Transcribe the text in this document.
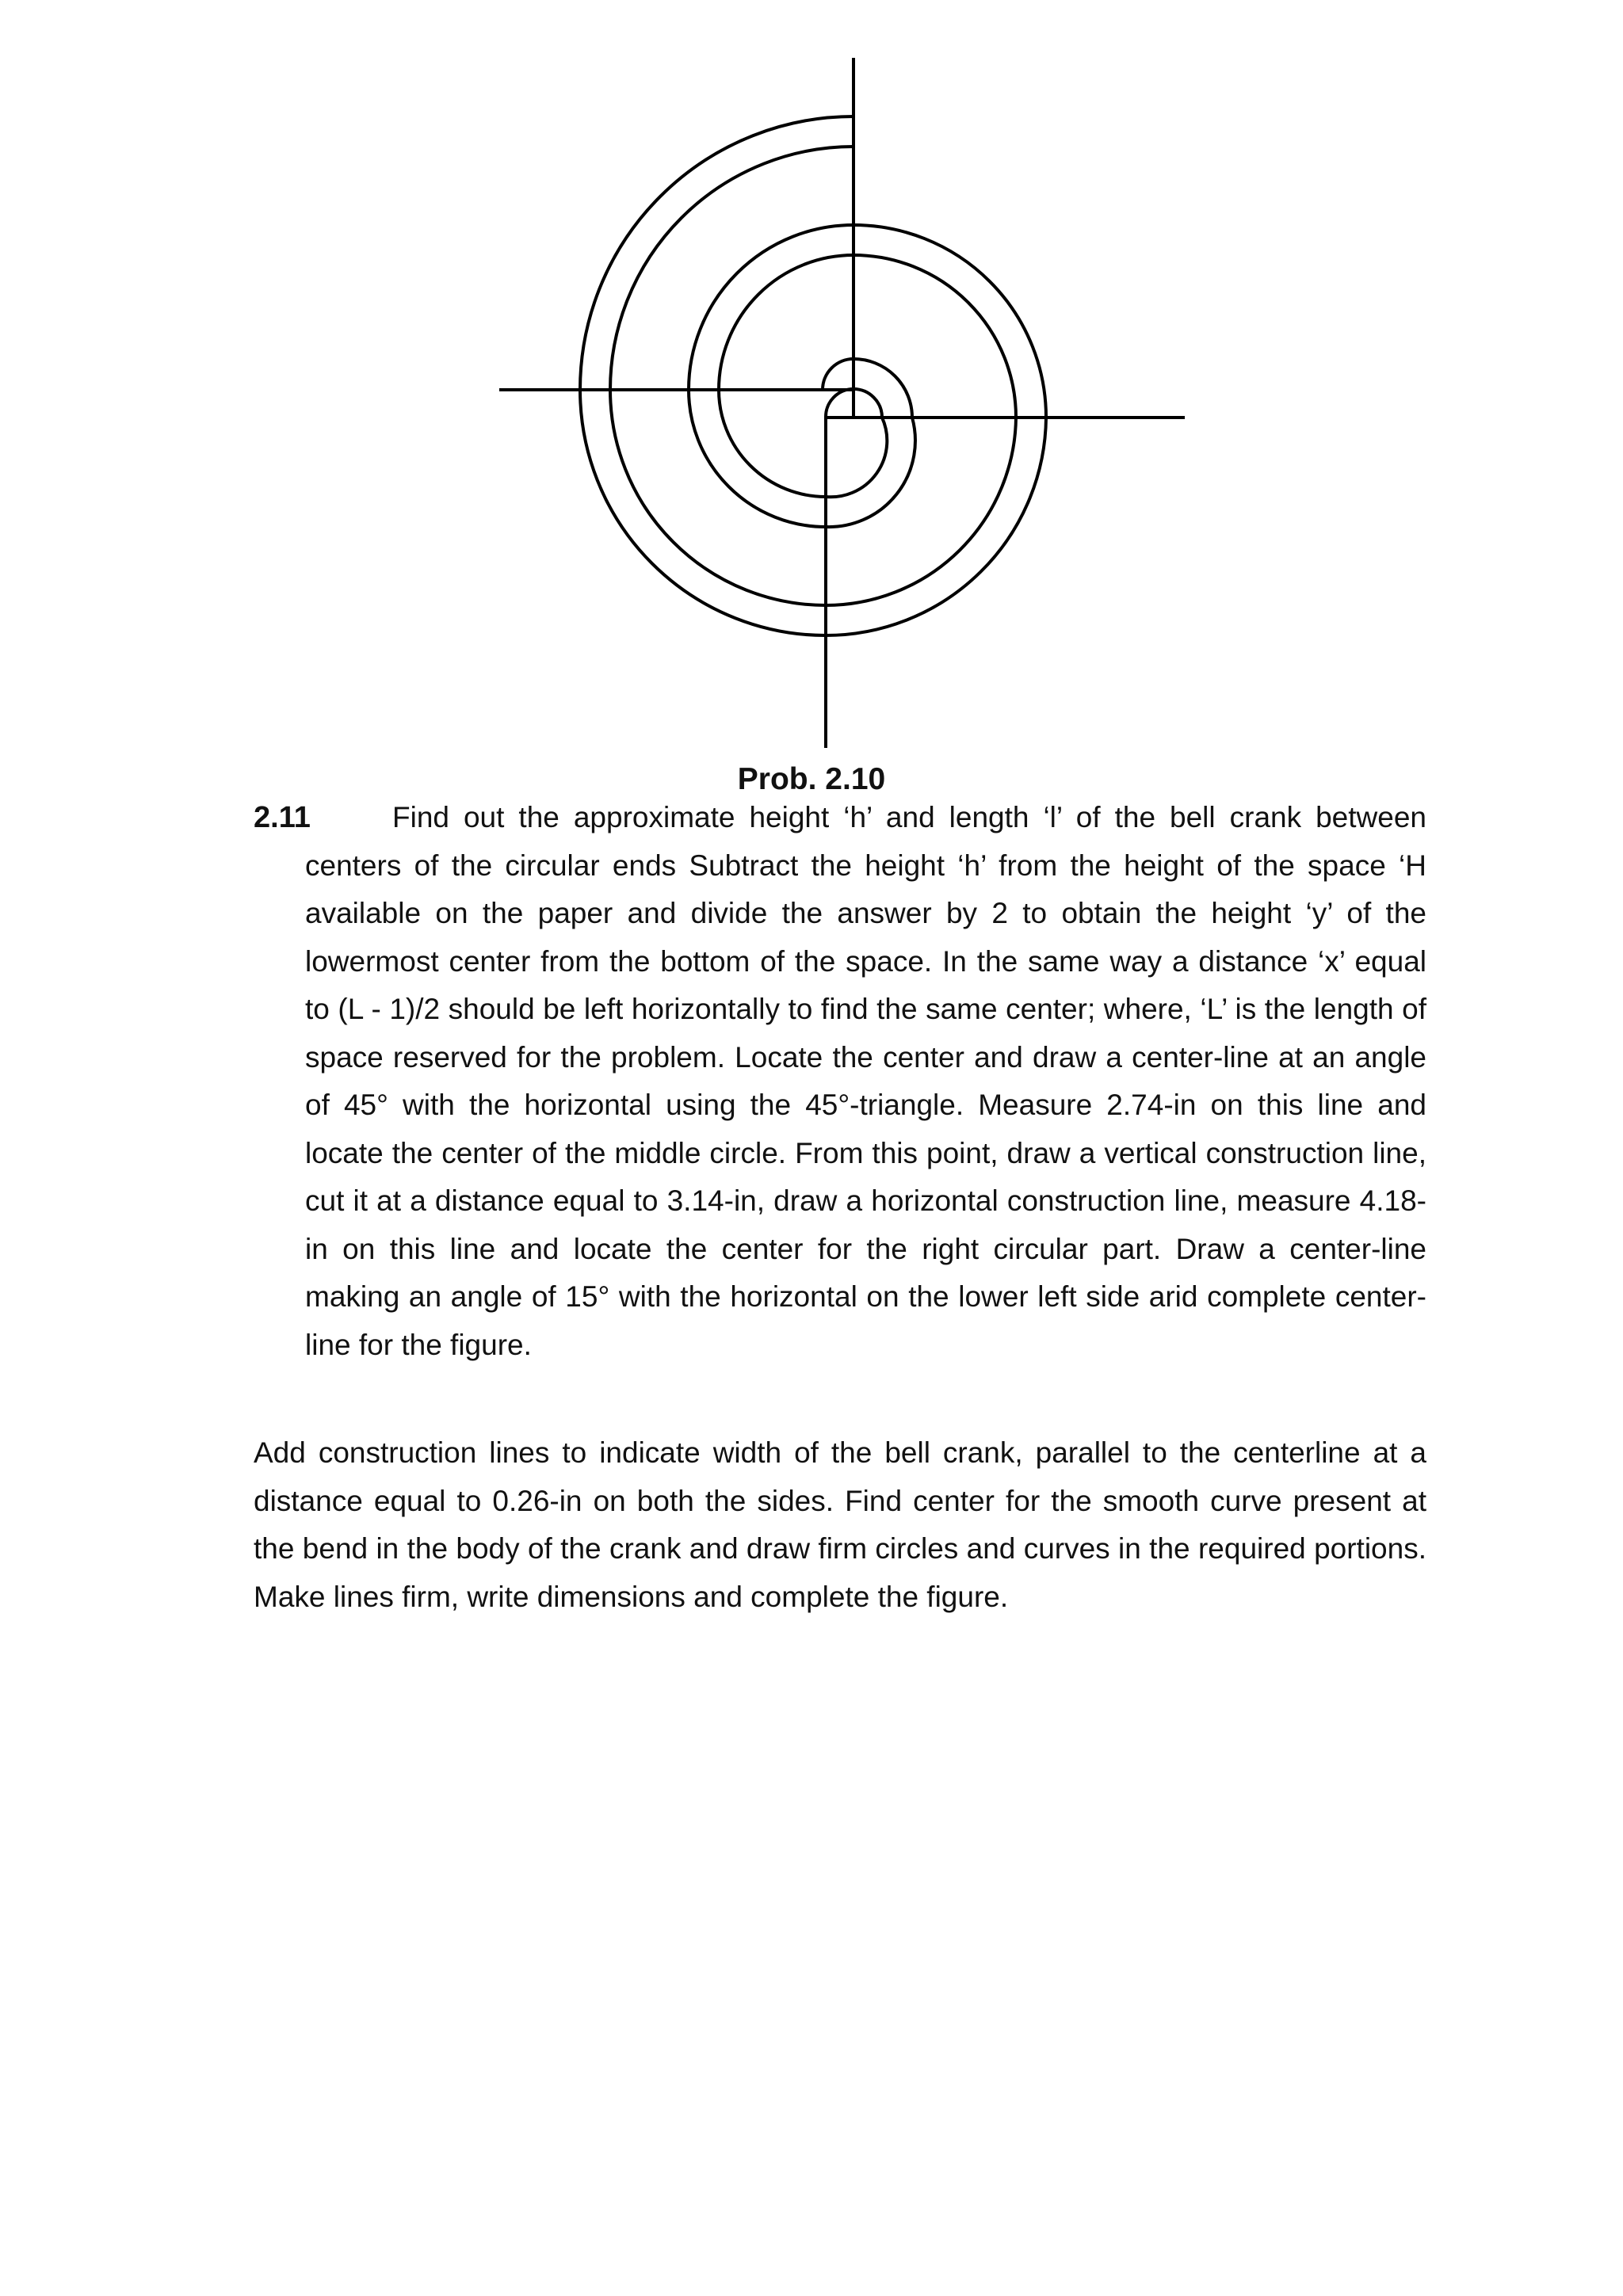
Prob. 2.10
2.11	Find out the approximate height ‘h’ and length ‘l’ of the bell crank between centers of the circular ends Subtract the height ‘h’ from the height of the space ‘H available on the paper and divide the answer by 2 to obtain the height ‘y’ of the lowermost center from the bottom of the space. In the same way a distance ‘x’ equal to (L - 1)/2 should be left horizontally to find the same center; where, ‘L’ is the length of space reserved for the problem. Locate the center and draw a center-line at an angle of 45° with the horizontal using the 45°-triangle. Measure 2.74-in on this line and locate the center of the middle circle. From this point, draw a vertical construction line, cut it at a distance equal to 3.14-in, draw a horizontal construction line, measure 4.18-in on this line and locate the center for the right circular part. Draw a center-line making an angle of 15° with the horizontal on the lower left side arid complete center-line for the figure.
Add construction lines to indicate width of the bell crank, parallel to the centerline at a distance equal to 0.26-in on both the sides. Find center for the smooth curve present at the bend in the body of the crank and draw firm circles and curves in the required portions. Make lines firm, write dimensions and complete the figure.
